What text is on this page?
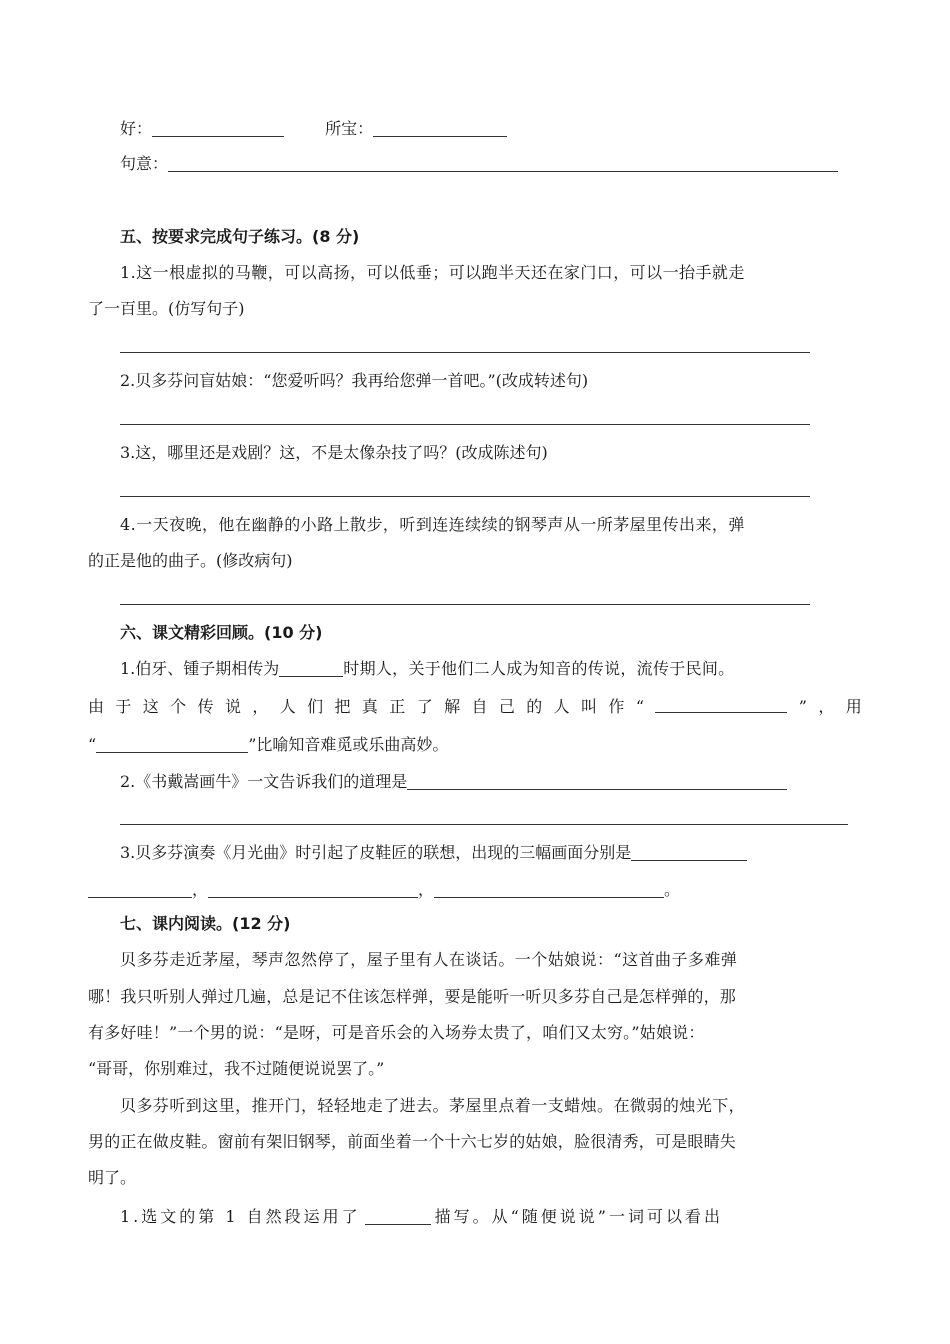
好：	所宝：
句意：
五、按要求完成句子练习。(8 分)
1.这一根虚拟的马鞭，可以高扬，可以低垂；可以跑半天还在家门口，可以一抬手就走
了一百里。(仿写句子)
2.贝多芬问盲姑娘：“您爱听吗？我再给您弹一首吧。”(改成转述句)
3.这，哪里还是戏剧？这，不是太像杂技了吗？(改成陈述句)
4.一天夜晚，他在幽静的小路上散步，听到连连续续的钢琴声从一所茅屋里传出来，弹
的正是他的曲子。(修改病句)
六、课文精彩回顾。(10 分)
1.伯牙、锺子期相传为	时期人，关于他们二人成为知音的传说，流传于民间。
由 于 这 个 传 说 ， 人 们 把 真 正 了 解 自 己 的 人 叫 作 “	” ， 用
“	”比喻知音难觅或乐曲高妙。
2.《书戴嵩画牛》一文告诉我们的道理是
3.贝多芬演奏《月光曲》时引起了皮鞋匠的联想，出现的三幅画面分别是
，	，	。
七、课内阅读。(12 分)
贝多芬走近茅屋，琴声忽然停了，屋子里有人在谈话。一个姑娘说：“这首曲子多难弹
哪！我只听别人弹过几遍，总是记不住该怎样弹，要是能听一听贝多芬自己是怎样弹的，那
有多好哇！”一个男的说：“是呀，可是音乐会的入场券太贵了，咱们又太穷。”姑娘说：
“哥哥，你别难过，我不过随便说说罢了。”
贝多芬听到这里，推开门，轻轻地走了进去。茅屋里点着一支蜡烛。在微弱的烛光下，
男的正在做皮鞋。窗前有架旧钢琴，前面坐着一个十六七岁的姑娘，脸很清秀，可是眼睛失
明了。
1.选文的第 1 自然段运用了	描写。从“随便说说”一词可以看出
